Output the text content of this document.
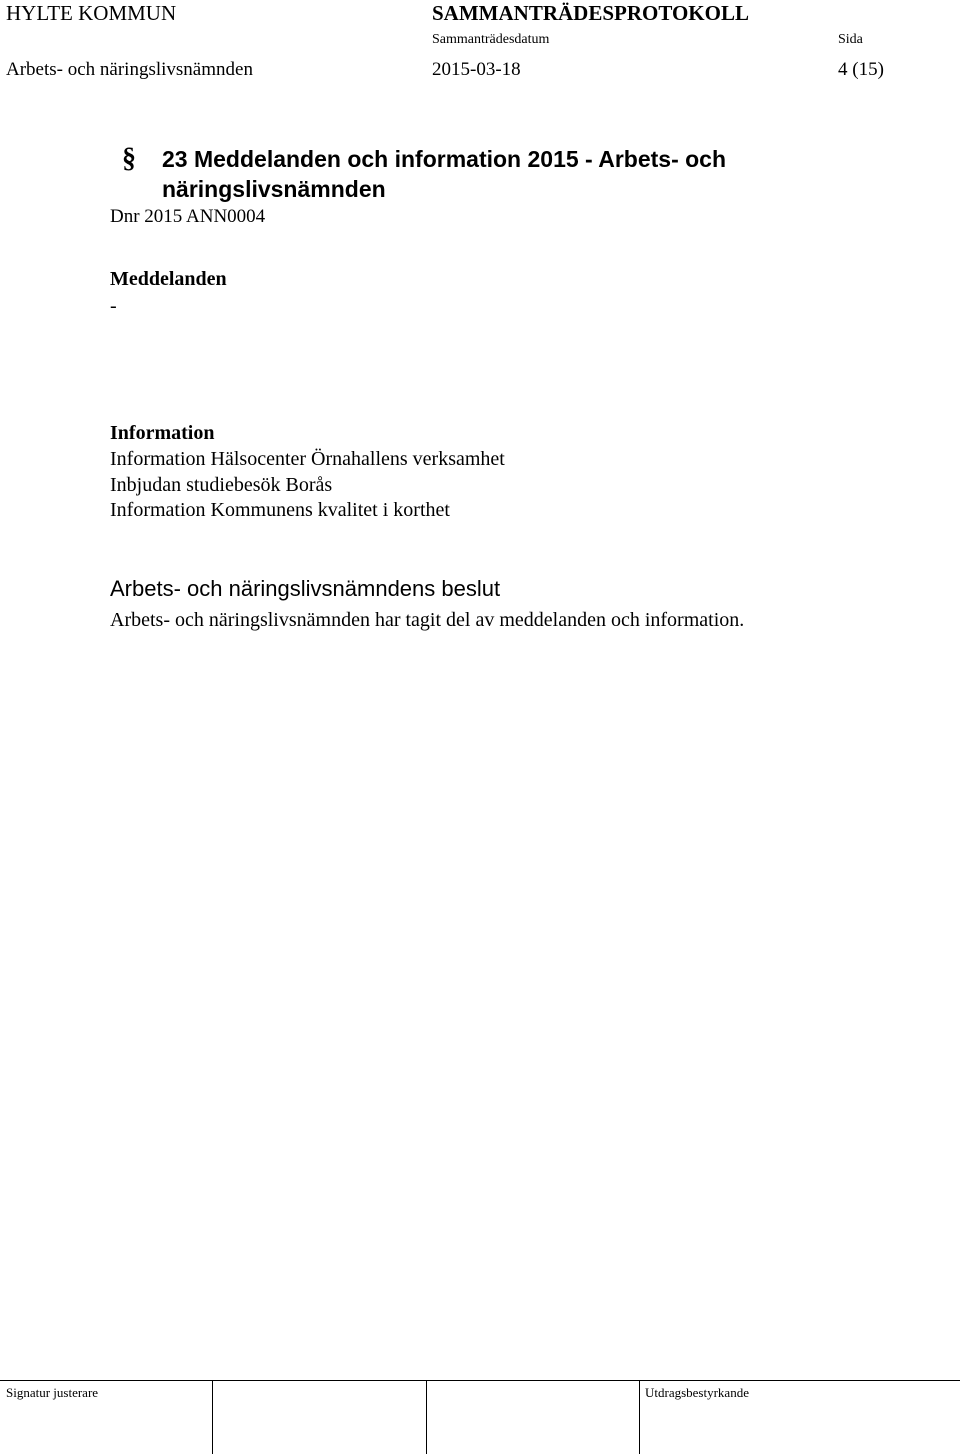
HYLTE KOMMUN	SAMMANTRÄDESPROTOKOLL
Sammanträdesdatum	Sida
Arbets- och näringslivsnämnden	2015-03-18	4 (15)
§ 23 Meddelanden och information 2015 - Arbets- och
näringslivsnämnden
Dnr 2015 ANN0004
Meddelanden
-
Information
Information Hälsocenter Örnahallens verksamhet
Inbjudan studiebesök Borås
Information Kommunens kvalitet i korthet
Arbets- och näringslivsnämndens beslut
Arbets- och näringslivsnämnden har tagit del av meddelanden och information.
Signatur justerare	Utdragsbestyrkande
